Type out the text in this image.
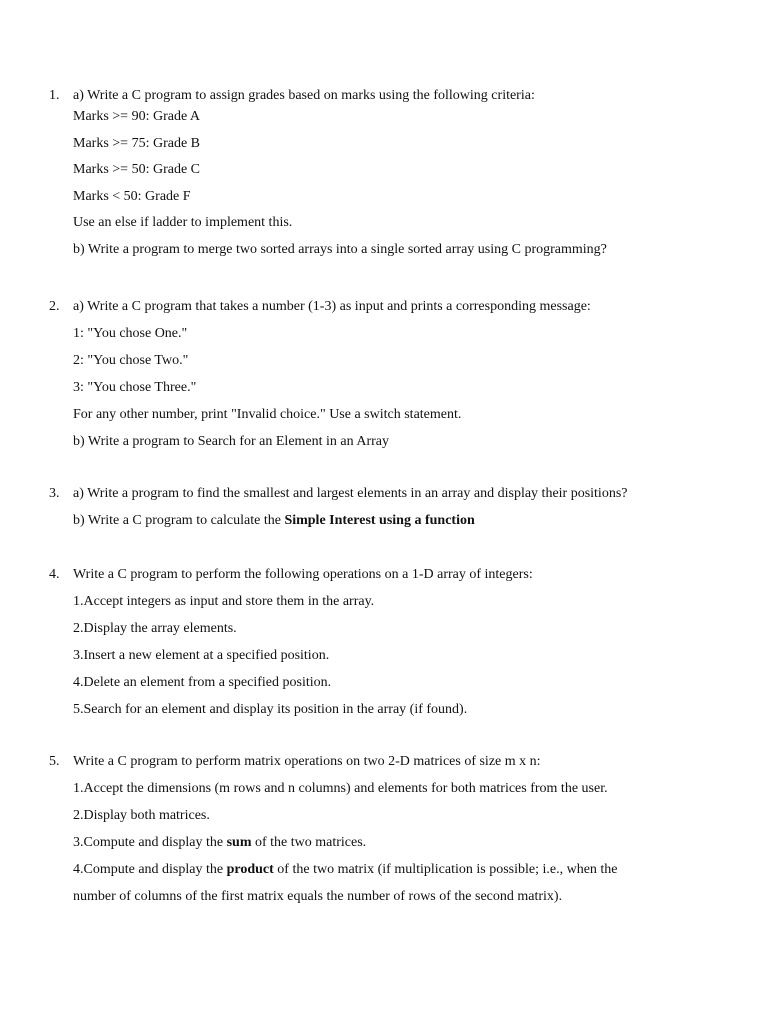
1. a) Write a C program to assign grades based on marks using the following criteria:
Marks >= 90: Grade A
Marks >= 75: Grade B
Marks >= 50: Grade C
Marks < 50: Grade F
Use an else if ladder to implement this.
b) Write a program to merge two sorted arrays into a single sorted array using C programming?
2. a) Write a C program that takes a number (1-3) as input and prints a corresponding message:
1: "You chose One."
2: "You chose Two."
3: "You chose Three."
For any other number, print "Invalid choice." Use a switch statement.
b) Write a program to Search for an Element in an Array
3. a) Write a program to find the smallest and largest elements in an array and display their positions?
b) Write a C program to calculate the Simple Interest using a function
4. Write a C program to perform the following operations on a 1-D array of integers:
1.Accept integers as input and store them in the array.
2.Display the array elements.
3.Insert a new element at a specified position.
4.Delete an element from a specified position.
5.Search for an element and display its position in the array (if found).
5. Write a C program to perform matrix operations on two 2-D matrices of size m x n:
1.Accept the dimensions (m rows and n columns) and elements for both matrices from the user.
2.Display both matrices.
3.Compute and display the sum of the two matrices.
4.Compute and display the product of the two matrix (if multiplication is possible; i.e., when the
number of columns of the first matrix equals the number of rows of the second matrix).
